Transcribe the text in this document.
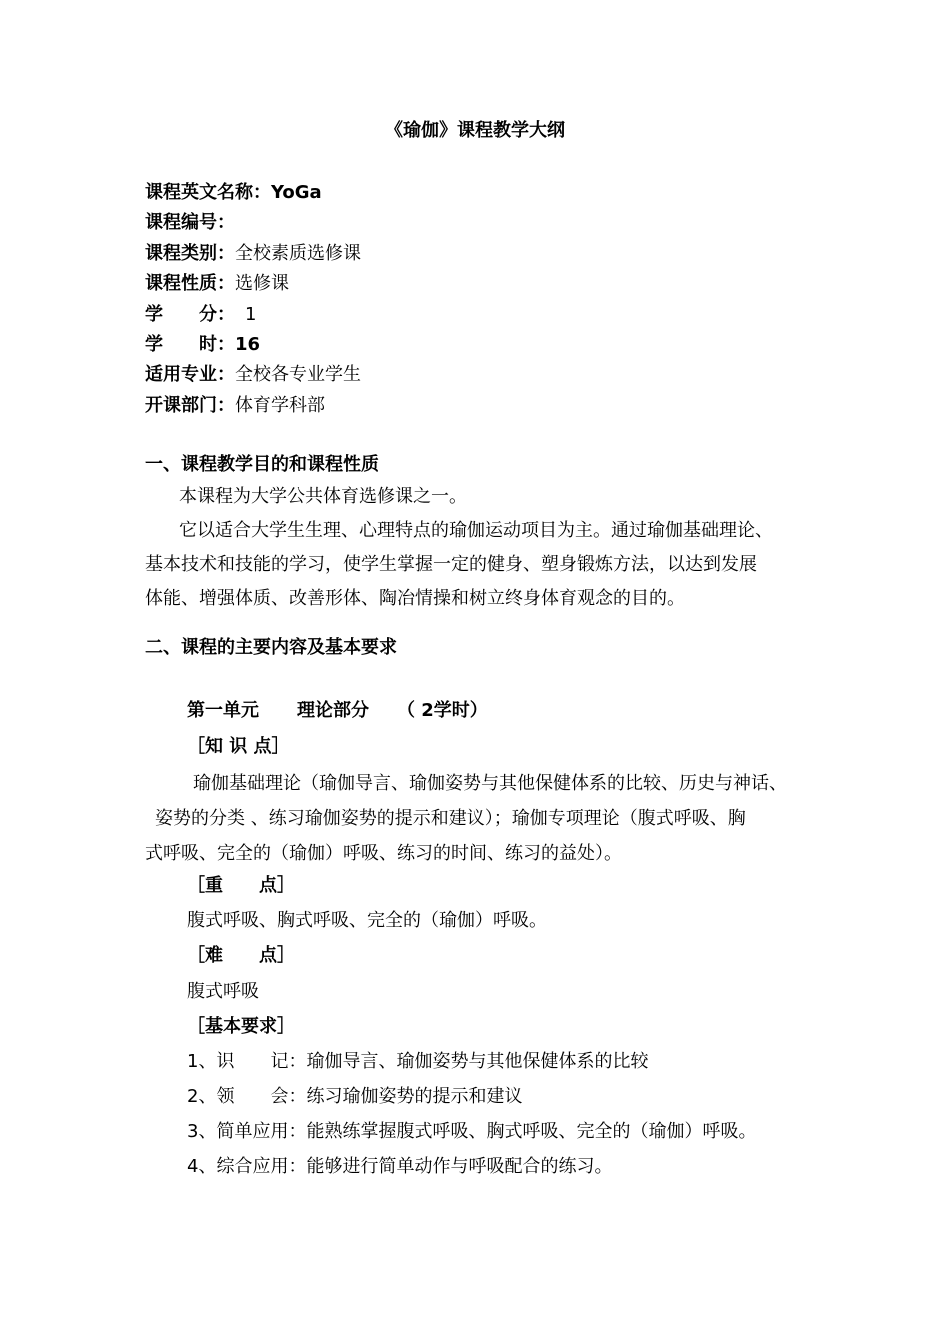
《瑜伽》课程教学大纲
课程英文名称：YoGa
课程编号：
课程类别：全校素质选修课
课程性质：选修课
学分： 1
学时：16
适用专业：全校各专业学生
开课部门：体育学科部
一、课程教学目的和课程性质
本课程为大学公共体育选修课之一。
它以适合大学生生理、心理特点的瑜伽运动项目为主。通过瑜伽基础理论、
基本技术和技能的学习，使学生掌握一定的健身、塑身锻炼方法，以达到发展
体能、增强体质、改善形体、陶冶情操和树立终身体育观念的目的。
二、课程的主要内容及基本要求
第一单元 理论部分 （ 2学时）
［知 识 点］
瑜伽基础理论（瑜伽导言、瑜伽姿势与其他保健体系的比较、历史与神话、
姿势的分类 、练习瑜伽姿势的提示和建议）；瑜伽专项理论（腹式呼吸、胸
式呼吸、完全的（瑜伽）呼吸、练习的时间、练习的益处）。
［重　　点］
腹式呼吸、胸式呼吸、完全的（瑜伽）呼吸。
［难　　点］
腹式呼吸
［基本要求］
1、识记：瑜伽导言、瑜伽姿势与其他保健体系的比较
2、领会：练习瑜伽姿势的提示和建议
3、简单应用：能熟练掌握腹式呼吸、胸式呼吸、完全的（瑜伽）呼吸。
4、综合应用：能够进行简单动作与呼吸配合的练习。
